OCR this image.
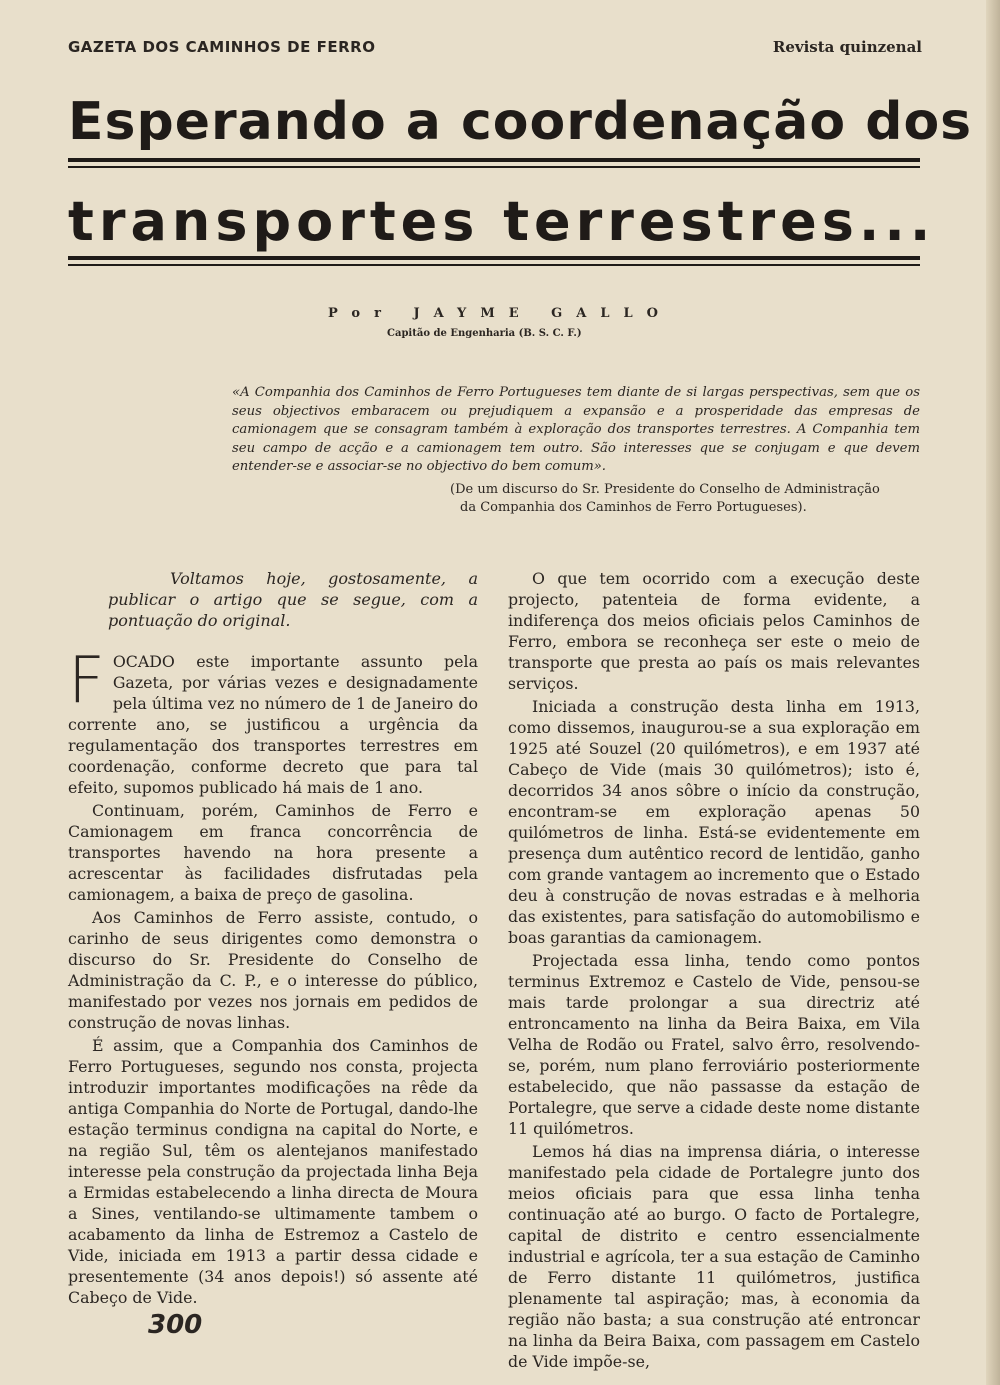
GAZETA DOS CAMINHOS DE FERRO	Revista quinzenal
Esperando a coordenação dos
transportes terrestres...
Por JAYME GALLO
Capitão de Engenharia (B. S. C. F.)
«A Companhia dos Caminhos de Ferro Portugueses tem diante de si largas perspectivas, sem que os seus objectivos embaracem ou prejudiquem a expansão e a prosperidade das empresas de camionagem que se consagram também à exploração dos transportes terrestres. A Companhia tem seu campo de acção e a camionagem tem outro. São interesses que se conjugam e que devem entender-se e associar-se no objectivo do bem comum».
(De um discurso do Sr. Presidente do Conselho de Administração
da Companhia dos Caminhos de Ferro Portugueses).

Voltamos hoje, gostosamente, a publicar o artigo que se segue, com a pontuação do original.

FOCADO este importante assunto pela Gazeta, por várias vezes e designadamente pela última vez no número de 1 de Janeiro do corrente ano, se justificou a urgência da regulamentação dos transportes terrestres em coordenação, conforme decreto que para tal efeito, supomos publicado há mais de 1 ano.

Continuam, porém, Caminhos de Ferro e Camionagem em franca concorrência de transportes havendo na hora presente a acrescentar às facilidades disfrutadas pela camionagem, a baixa de preço de gasolina.

Aos Caminhos de Ferro assiste, contudo, o carinho de seus dirigentes como demonstra o discurso do Sr. Presidente do Conselho de Administração da C. P., e o interesse do público, manifestado por vezes nos jornais em pedidos de construção de novas linhas.

É assim, que a Companhia dos Caminhos de Ferro Portugueses, segundo nos consta, projecta introduzir importantes modificações na rêde da antiga Companhia do Norte de Portugal, dando-lhe estação terminus condigna na capital do Norte, e na região Sul, têm os alentejanos manifestado interesse pela construção da projectada linha Beja a Ermidas estabelecendo a linha directa de Moura a Sines, ventilando-se ultimamente tambem o acabamento da linha de Estremoz a Castelo de Vide, iniciada em 1913 a partir dessa cidade e presentemente (34 anos depois!) só assente até Cabeço de Vide.

O que tem ocorrido com a execução deste projecto, patenteia de forma evidente, a indiferença dos meios oficiais pelos Caminhos de Ferro, embora se reconheça ser este o meio de transporte que presta ao país os mais relevantes serviços.

Iniciada a construção desta linha em 1913, como dissemos, inaugurou-se a sua exploração em 1925 até Souzel (20 quilómetros), e em 1937 até Cabeço de Vide (mais 30 quilómetros); isto é, decorridos 34 anos sôbre o início da construção, encontram-se em exploração apenas 50 quilómetros de linha. Está-se evidentemente em presença dum autêntico record de lentidão, ganho com grande vantagem ao incremento que o Estado deu à construção de novas estradas e à melhoria das existentes, para satisfação do automobilismo e boas garantias da camionagem.

Projectada essa linha, tendo como pontos terminus Extremoz e Castelo de Vide, pensou-se mais tarde prolongar a sua directriz até entroncamento na linha da Beira Baixa, em Vila Velha de Rodão ou Fratel, salvo êrro, resolvendo-se, porém, num plano ferroviário posteriormente estabelecido, que não passasse da estação de Portalegre, que serve a cidade deste nome distante 11 quilómetros.

Lemos há dias na imprensa diária, o interesse manifestado pela cidade de Portalegre junto dos meios oficiais para que essa linha tenha continuação até ao burgo. O facto de Portalegre, capital de distrito e centro essencialmente industrial e agrícola, ter a sua estação de Caminho de Ferro distante 11 quilómetros, justifica plenamente tal aspiração; mas, à economia da região não basta; a sua construção até entroncar na linha da Beira Baixa, com passagem em Castelo de Vide impõe-se,

300
